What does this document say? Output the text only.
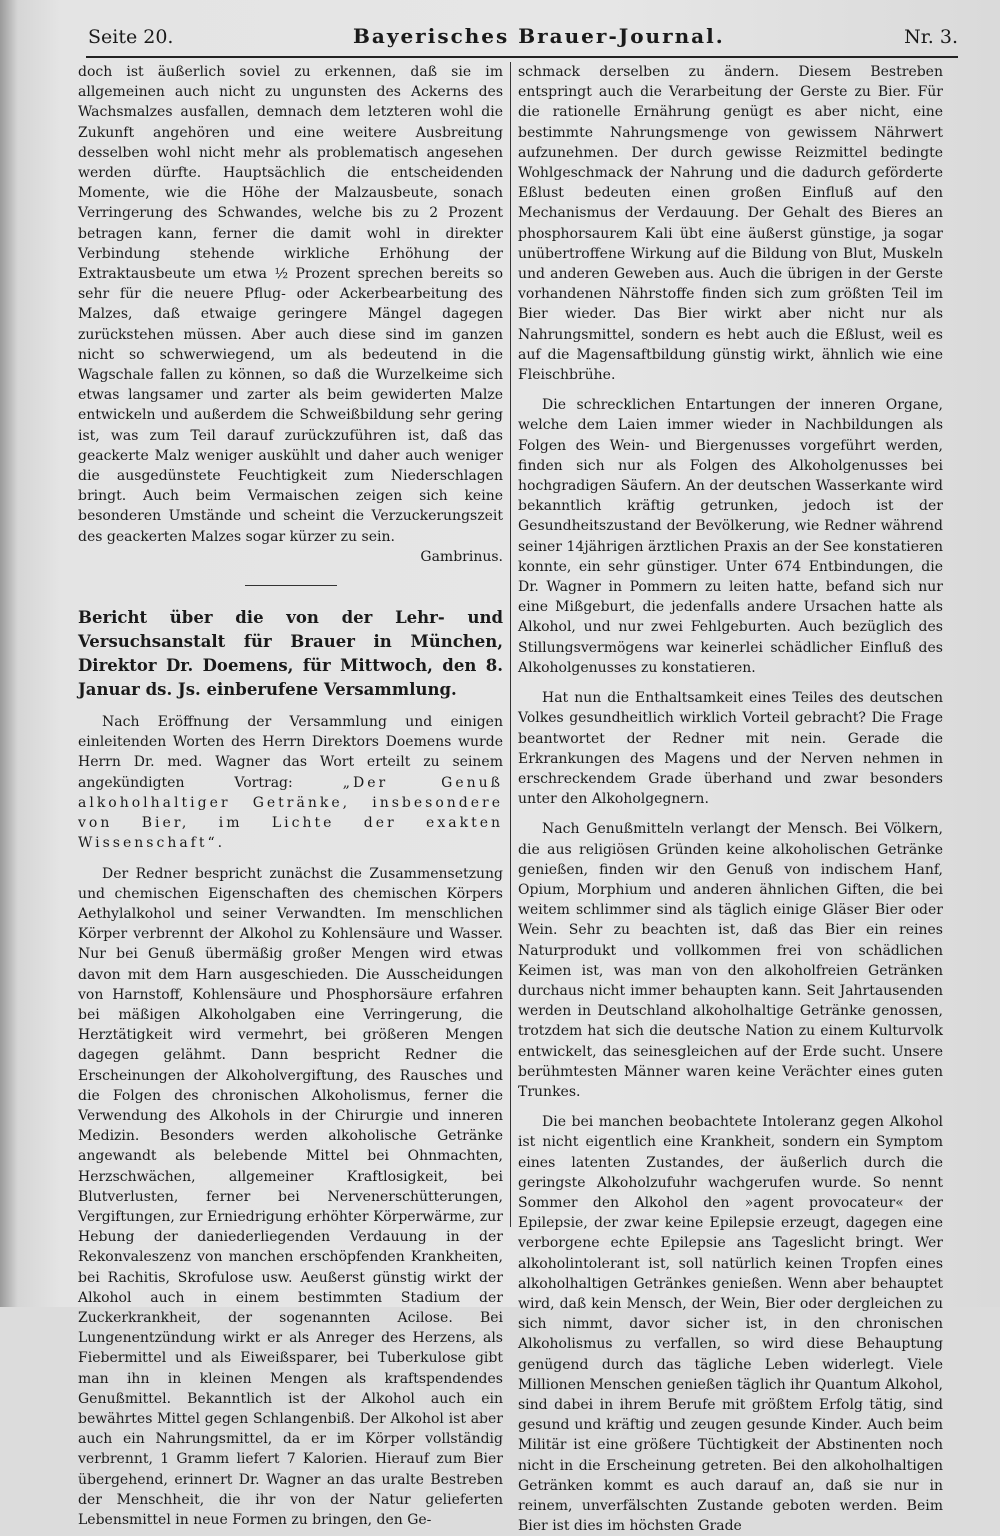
Seite 20.	Bayerisches Brauer-Journal.	Nr. 3.

doch ist äußerlich soviel zu erkennen, daß sie im allgemeinen auch nicht zu ungunsten des Ackerns des Wachsmalzes ausfallen, demnach dem letzteren wohl die Zukunft angehören und eine weitere Ausbreitung desselben wohl nicht mehr als problematisch angesehen werden dürfte. Hauptsächlich die entscheidenden Momente, wie die Höhe der Malzausbeute, sonach Verringerung des Schwandes, welche bis zu 2 Prozent betragen kann, ferner die damit wohl in direkter Verbindung stehende wirkliche Erhöhung der Extraktausbeute um etwa ½ Prozent sprechen bereits so sehr für die neuere Pflug- oder Ackerbearbeitung des Malzes, daß etwaige geringere Mängel dagegen zurückstehen müssen. Aber auch diese sind im ganzen nicht so schwerwiegend, um als bedeutend in die Wagschale fallen zu können, so daß die Wurzelkeime sich etwas langsamer und zarter als beim gewiderten Malze entwickeln und außerdem die Schweißbildung sehr gering ist, was zum Teil darauf zurückzuführen ist, daß das geackerte Malz weniger auskühlt und daher auch weniger die ausgedünstete Feuchtigkeit zum Niederschlagen bringt. Auch beim Vermaischen zeigen sich keine besonderen Umstände und scheint die Verzuckerungszeit des geackerten Malzes sogar kürzer zu sein.

Gambrinus.

Bericht über die von der Lehr- und Versuchsanstalt für Brauer in München, Direktor Dr. Doemens, für Mittwoch, den 8. Januar ds. Js. einberufene Versammlung.

Nach Eröffnung der Versammlung und einigen einleitenden Worten des Herrn Direktors Doemens wurde Herrn Dr. med. Wagner das Wort erteilt zu seinem angekündigten Vortrag:	„Der Genuß alkoholhaltiger Getränke, insbesondere von Bier, im Lichte der exakten Wissenschaft“.

Der Redner bespricht zunächst die Zusammensetzung und chemischen Eigenschaften des chemischen Körpers Aethylalkohol und seiner Verwandten. Im menschlichen Körper verbrennt der Alkohol zu Kohlensäure und Wasser. Nur bei Genuß übermäßig großer Mengen wird etwas davon mit dem Harn ausgeschieden. Die Ausscheidungen von Harnstoff, Kohlensäure und Phosphorsäure erfahren bei mäßigen Alkoholgaben eine Verringerung, die Herztätigkeit wird vermehrt, bei größeren Mengen dagegen gelähmt. Dann bespricht Redner die Erscheinungen der Alkoholvergiftung, des Rausches und die Folgen des chronischen Alkoholismus, ferner die Verwendung des Alkohols in der Chirurgie und inneren Medizin. Besonders werden alkoholische Getränke angewandt als belebende Mittel bei Ohnmachten, Herzschwächen, allgemeiner Kraftlosigkeit, bei Blutverlusten, ferner bei Nervenerschütterungen, Vergiftungen, zur Erniedrigung erhöhter Körperwärme, zur Hebung der daniederliegenden Verdauung in der Rekonvaleszenz von manchen erschöpfenden Krankheiten, bei Rachitis, Skrofulose usw. Aeußerst günstig wirkt der Alkohol auch in einem bestimmten Stadium der Zuckerkrankheit, der sogenannten Acilose. Bei Lungenentzündung wirkt er als Anreger des Herzens, als Fiebermittel und als Eiweißsparer, bei Tuberkulose gibt man ihn in kleinen Mengen als kraftspendendes Genußmittel. Bekanntlich ist der Alkohol auch ein bewährtes Mittel gegen Schlangenbiß. Der Alkohol ist aber auch ein Nahrungsmittel, da er im Körper vollständig verbrennt, 1 Gramm liefert 7 Kalorien. Hierauf zum Bier übergehend, erinnert Dr. Wagner an das uralte Bestreben der Menschheit, die ihr von der Natur gelieferten Lebensmittel in neue Formen zu bringen, den Ge-

schmack derselben zu ändern. Diesem Bestreben entspringt auch die Verarbeitung der Gerste zu Bier. Für die rationelle Ernährung genügt es aber nicht, eine bestimmte Nahrungsmenge von gewissem Nährwert aufzunehmen. Der durch gewisse Reizmittel bedingte Wohlgeschmack der Nahrung und die dadurch geförderte Eßlust bedeuten einen großen Einfluß auf den Mechanismus der Verdauung. Der Gehalt des Bieres an phosphorsaurem Kali übt eine äußerst günstige, ja sogar unübertroffene Wirkung auf die Bildung von Blut, Muskeln und anderen Geweben aus. Auch die übrigen in der Gerste vorhandenen Nährstoffe finden sich zum größten Teil im Bier wieder. Das Bier wirkt aber nicht nur als Nahrungsmittel, sondern es hebt auch die Eßlust, weil es auf die Magensaftbildung günstig wirkt, ähnlich wie eine Fleischbrühe.

Die schrecklichen Entartungen der inneren Organe, welche dem Laien immer wieder in Nachbildungen als Folgen des Wein- und Biergenusses vorgeführt werden, finden sich nur als Folgen des Alkoholgenusses bei hochgradigen Säufern. An der deutschen Wasserkante wird bekanntlich kräftig getrunken, jedoch ist der Gesundheitszustand der Bevölkerung, wie Redner während seiner 14jährigen ärztlichen Praxis an der See konstatieren konnte, ein sehr günstiger. Unter 674 Entbindungen, die Dr. Wagner in Pommern zu leiten hatte, befand sich nur eine Mißgeburt, die jedenfalls andere Ursachen hatte als Alkohol, und nur zwei Fehlgeburten. Auch bezüglich des Stillungsvermögens war keinerlei schädlicher Einfluß des Alkoholgenusses zu konstatieren.

Hat nun die Enthaltsamkeit eines Teiles des deutschen Volkes gesundheitlich wirklich Vorteil gebracht? Die Frage beantwortet der Redner mit nein. Gerade die Erkrankungen des Magens und der Nerven nehmen in erschreckendem Grade überhand und zwar besonders unter den Alkoholgegnern.

Nach Genußmitteln verlangt der Mensch. Bei Völkern, die aus religiösen Gründen keine alkoholischen Getränke genießen, finden wir den Genuß von indischem Hanf, Opium, Morphium und anderen ähnlichen Giften, die bei weitem schlimmer sind als täglich einige Gläser Bier oder Wein. Sehr zu beachten ist, daß das Bier ein reines Naturprodukt und vollkommen frei von schädlichen Keimen ist, was man von den alkoholfreien Getränken durchaus nicht immer behaupten kann. Seit Jahrtausenden werden in Deutschland alkoholhaltige Getränke genossen, trotzdem hat sich die deutsche Nation zu einem Kulturvolk entwickelt, das seinesgleichen auf der Erde sucht. Unsere berühmtesten Männer waren keine Verächter eines guten Trunkes.

Die bei manchen beobachtete Intoleranz gegen Alkohol ist nicht eigentlich eine Krankheit, sondern ein Symptom eines latenten Zustandes, der äußerlich durch die geringste Alkoholzufuhr wachgerufen wurde. So nennt Sommer den Alkohol den »agent provocateur« der Epilepsie, der zwar keine Epilepsie erzeugt, dagegen eine verborgene echte Epilepsie ans Tageslicht bringt. Wer alkoholintolerant ist, soll natürlich keinen Tropfen eines alkoholhaltigen Getränkes genießen. Wenn aber behauptet wird, daß kein Mensch, der Wein, Bier oder dergleichen zu sich nimmt, davor sicher ist, in den chronischen Alkoholismus zu verfallen, so wird diese Behauptung genügend durch das tägliche Leben widerlegt. Viele Millionen Menschen genießen täglich ihr Quantum Alkohol, sind dabei in ihrem Berufe mit größtem Erfolg tätig, sind gesund und kräftig und zeugen gesunde Kinder. Auch beim Militär ist eine größere Tüchtigkeit der Abstinenten noch nicht in die Erscheinung getreten. Bei den alkoholhaltigen Getränken kommt es auch darauf an, daß sie nur in reinem, unverfälschten Zustande geboten werden. Beim Bier ist dies im höchsten Grade
